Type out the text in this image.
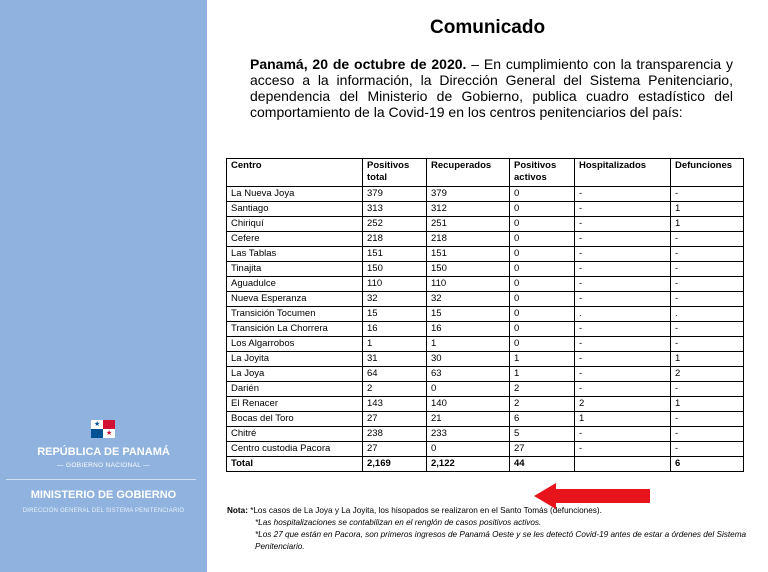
★
★
REPÚBLICA DE PANAMÁ
— GOBIERNO NACIONAL —
MINISTERIO DE GOBIERNO
DIRECCIÓN GENERAL DEL SISTEMA PENITENCIARIO
Comunicado
Panamá, 20 de octubre de 2020. – En cumplimiento con la transparencia y acceso a la información, la Dirección General del Sistema Penitenciario, dependencia del Ministerio de Gobierno, publica cuadro estadístico del comportamiento de la Covid-19 en los centros penitenciarios del país:
Centro	Positivos total	Recuperados	Positivos activos	Hospitalizados	Defunciones
La Nueva Joya	379	379	0	-	-
Santiago	313	312	0	-	1
Chiriquí	252	251	0	-	1
Cefere	218	218	0	-	-
Las Tablas	151	151	0	-	-
Tinajita	150	150	0	-	-
Aguadulce	110	110	0	-	-
Nueva Esperanza	32	32	0	-	-
Transición Tocumen	15	15	0	.	.
Transición La Chorrera	16	16	0	-	-
Los Algarrobos	1	1	0	-	-
La Joyita	31	30	1	-	1
La Joya	64	63	1	-	2
Darién	2	0	2	-	-
El Renacer	143	140	2	2	1
Bocas del Toro	27	21	6	1	-
Chitré	238	233	5	-	-
Centro custodia Pacora	27	0	27	-	-
Total	2,169	2,122	44		6
Nota: *Los casos de La Joya y La Joyita, los hisopados se realizaron en el Santo Tomás (defunciones).
*Las hospitalizaciones se contabilizan en el renglón de casos positivos activos.
*Los 27 que están en Pacora, son primeros ingresos de Panamá Oeste y se les detectó Covid-19 antes de estar a órdenes del Sistema Penitenciario.
